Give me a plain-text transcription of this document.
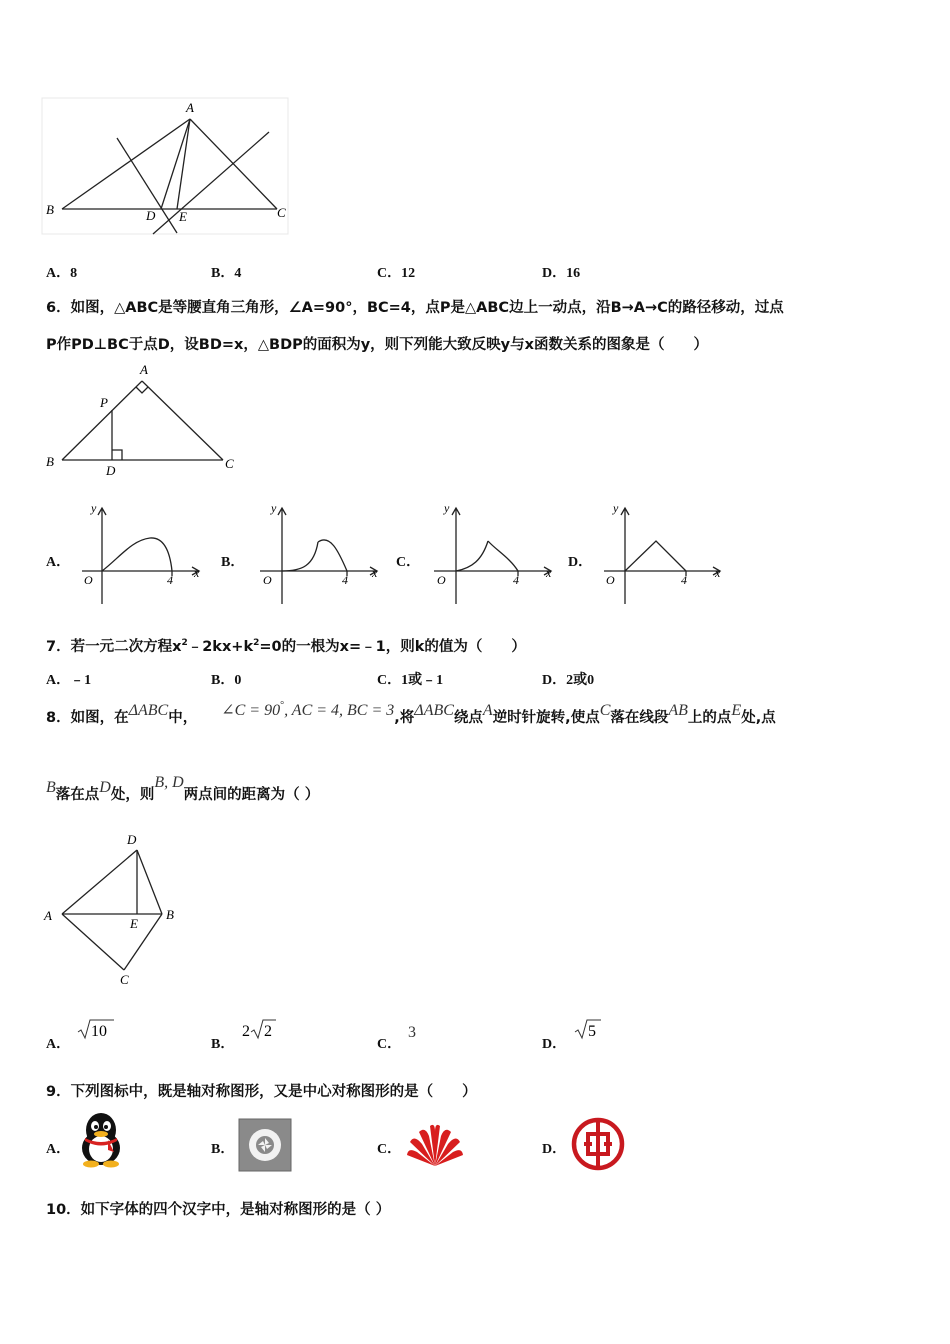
A
B	C
D E
A．8	B．4	C．12	D．16
6．如图，△ABC是等腰直角三角形，∠A=90°，BC=4，点P是△ABC边上一动点，沿B→A→C的路径移动，过点
P作PD⊥BC于点D，设BD=x，△BDP的面积为y，则下列能大致反映y与x函数关系的图象是（　　）
A
B	C
P
D
A．	B．	C．	D．
y
x
O	4
y
x
O	4
y
x
O	4
y
x
O	4
7．若一元二次方程$x^2﹣2kx+k^2=0$的一根为x=﹣1，则k的值为（　　）
A．﹣1	B．0	C．1或﹣1	D．2或0
8．如图，在ΔABC中， ∠C = 90°, AC = 4, BC = 3,将ΔABC绕点A逆时针旋转,使点C落在线段AB上的点E处,点
B落在点D处，则B, D两点间的距离为（ ）
D
A	B
E
C
A．
10
B．
2 2
C．
3
D．
5
9．下列图标中，既是轴对称图形，又是中心对称图形的是（　　）
A．	B．	C．	D．
10．如下字体的四个汉字中，是轴对称图形的是（ ）
